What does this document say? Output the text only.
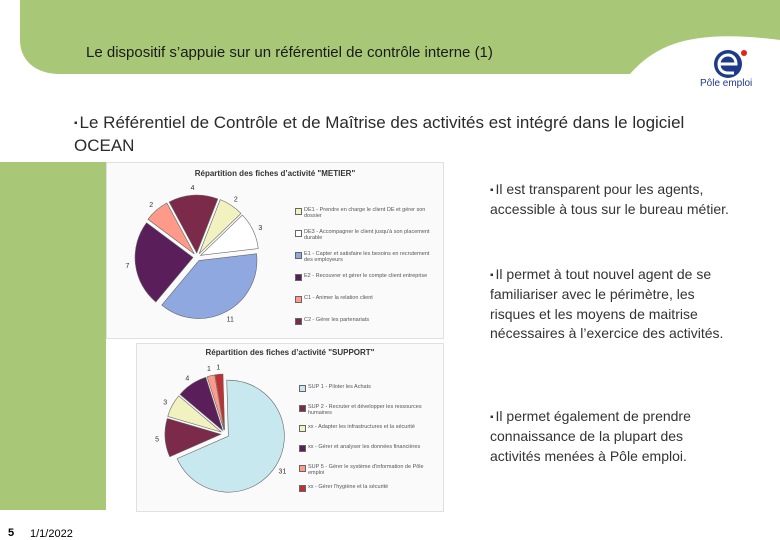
Le dispositif s’appuie sur un référentiel de contrôle interne (1)
Pôle emploi
▪ Le Référentiel de Contrôle et de Maîtrise des activités est intégré dans le logiciel OCEAN
5 1/1/2022
Répartition des fiches d’activité "METIER"
2
3
11
7
2
4
DE1 - Prendre en charge le client DE et gérer son dossier
DE3 - Accompagner le client jusqu'à son placement durable
E1 - Capter et satisfaire les besoins en recrutement des employeurs
E2 - Recouvrer et gérer le compte client entreprise
C1 - Animer la relation client
C2 - Gérer les partenariats
Répartition des fiches d’activité "SUPPORT"
31
5
3
4
1 1
SUP 1 - Piloter les Achats
SUP 2 - Recruter et développer les ressources humaines
xx - Adapter les infrastructures et la sécurité
xx - Gérer et analyser les données financières
SUP 5 - Gérer le système d'information de Pôle emploi
xx - Gérer l'hygiène et la sécurité
▪ Il est transparent pour les agents, accessible à tous sur le bureau métier.
▪ Il permet à tout nouvel agent de se familiariser avec le périmètre, les risques et les moyens de maitrise nécessaires à l’exercice des activités.
▪ Il permet également de prendre connaissance de la plupart des activités menées à Pôle emploi.
